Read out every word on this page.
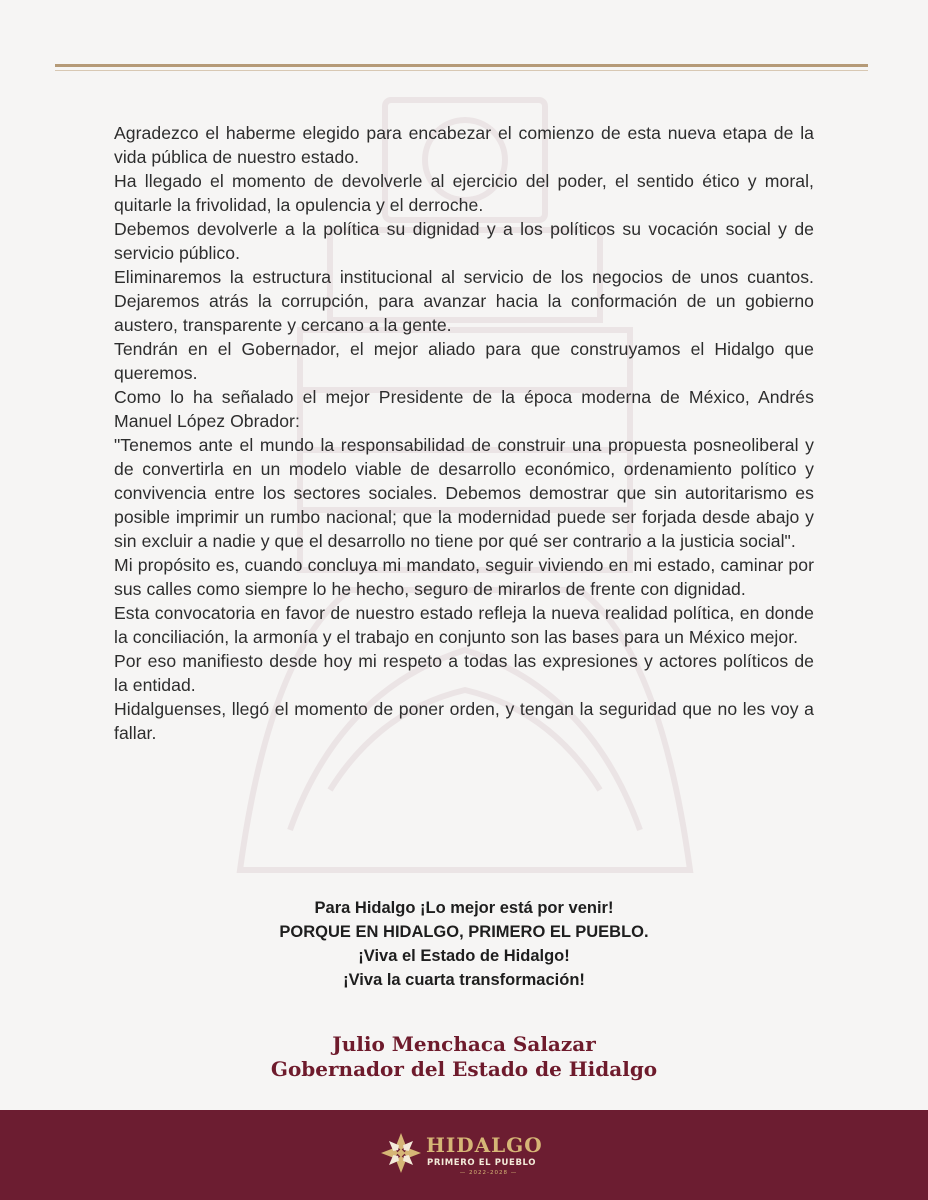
Agradezco el haberme elegido para encabezar el comienzo de esta nueva etapa de la vida pública de nuestro estado.

Ha llegado el momento de devolverle al ejercicio del poder, el sentido ético y moral, quitarle la frivolidad, la opulencia y el derroche.

Debemos devolverle a la política su dignidad y a los políticos su vocación social y de servicio público.

Eliminaremos la estructura institucional al servicio de los negocios de unos cuantos. Dejaremos atrás la corrupción, para avanzar hacia la conformación de un gobierno austero, transparente y cercano a la gente.

Tendrán en el Gobernador, el mejor aliado para que construyamos el Hidalgo que queremos.

Como lo ha señalado el mejor Presidente de la época moderna de México, Andrés Manuel López Obrador:

"Tenemos ante el mundo la responsabilidad de construir una propuesta posneoliberal y de convertirla en un modelo viable de desarrollo económico, ordenamiento político y convivencia entre los sectores sociales. Debemos demostrar que sin autoritarismo es posible imprimir un rumbo nacional; que la modernidad puede ser forjada desde abajo y sin excluir a nadie y que el desarrollo no tiene por qué ser contrario a la justicia social".

Mi propósito es, cuando concluya mi mandato, seguir viviendo en mi estado, caminar por sus calles como siempre lo he hecho, seguro de mirarlos de frente con dignidad.

Esta convocatoria en favor de nuestro estado refleja la nueva realidad política, en donde la conciliación, la armonía y el trabajo en conjunto son las bases para un México mejor.

Por eso manifiesto desde hoy mi respeto a todas las expresiones y actores políticos de la entidad.

Hidalguenses, llegó el momento de poner orden, y tengan la seguridad que no les voy a fallar.

Para Hidalgo ¡Lo mejor está por venir!
PORQUE EN HIDALGO, PRIMERO EL PUEBLO.
¡Viva el Estado de Hidalgo!
¡Viva la cuarta transformación!
Julio Menchaca Salazar
Gobernador del Estado de Hidalgo
HIDALGO
PRIMERO EL PUEBLO
— 2022-2028 —
